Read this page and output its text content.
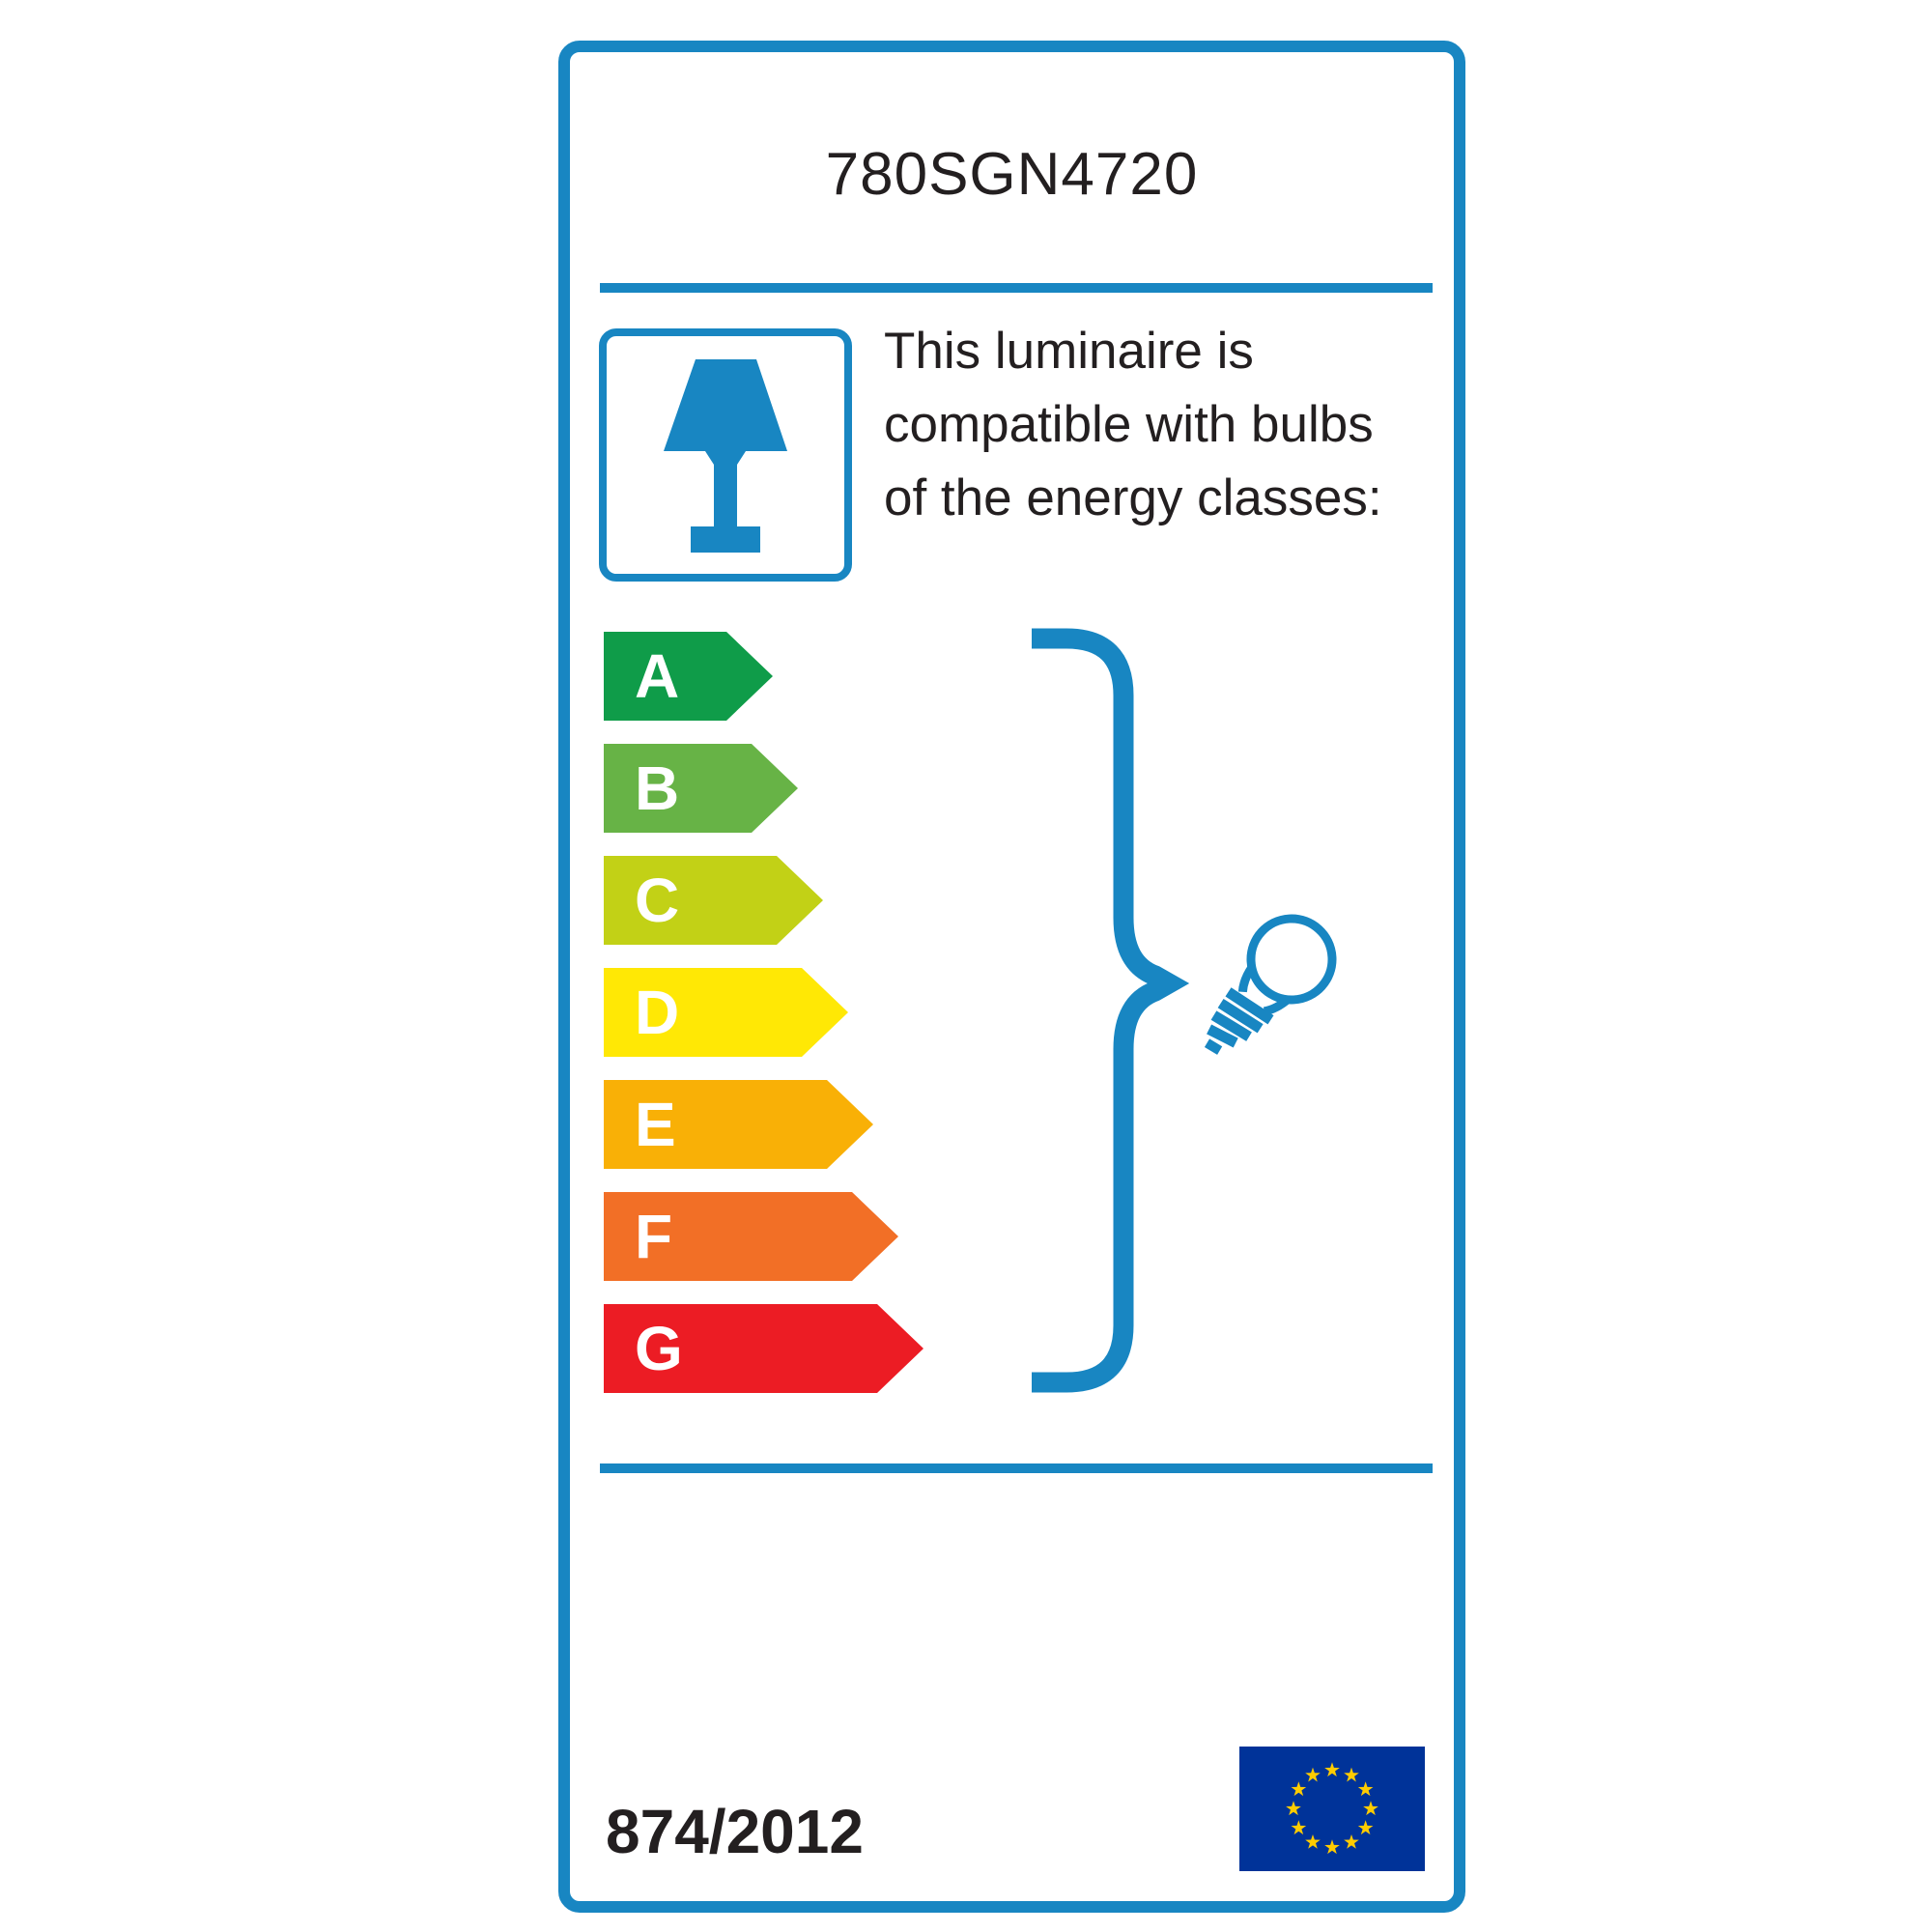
780SGN4720
This luminaire is
compatible with bulbs
of the energy classes:
A
B
C
D
E
F
G
874/2012
